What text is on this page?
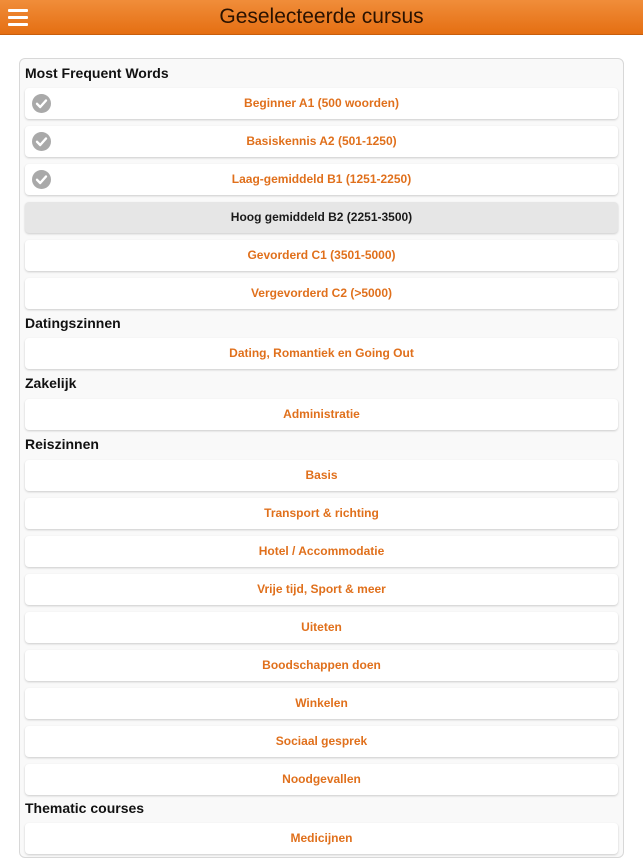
Geselecteerde cursus
Most Frequent Words
Beginner A1 (500 woorden)
Basiskennis A2 (501-1250)
Laag-gemiddeld B1 (1251-2250)
Hoog gemiddeld B2 (2251-3500)
Gevorderd C1 (3501-5000)
Vergevorderd C2 (>5000)
Datingszinnen
Dating, Romantiek en Going Out
Zakelijk
Administratie
Reiszinnen
Basis
Transport & richting
Hotel / Accommodatie
Vrije tijd, Sport & meer
Uiteten
Boodschappen doen
Winkelen
Sociaal gesprek
Noodgevallen
Thematic courses
Medicijnen
